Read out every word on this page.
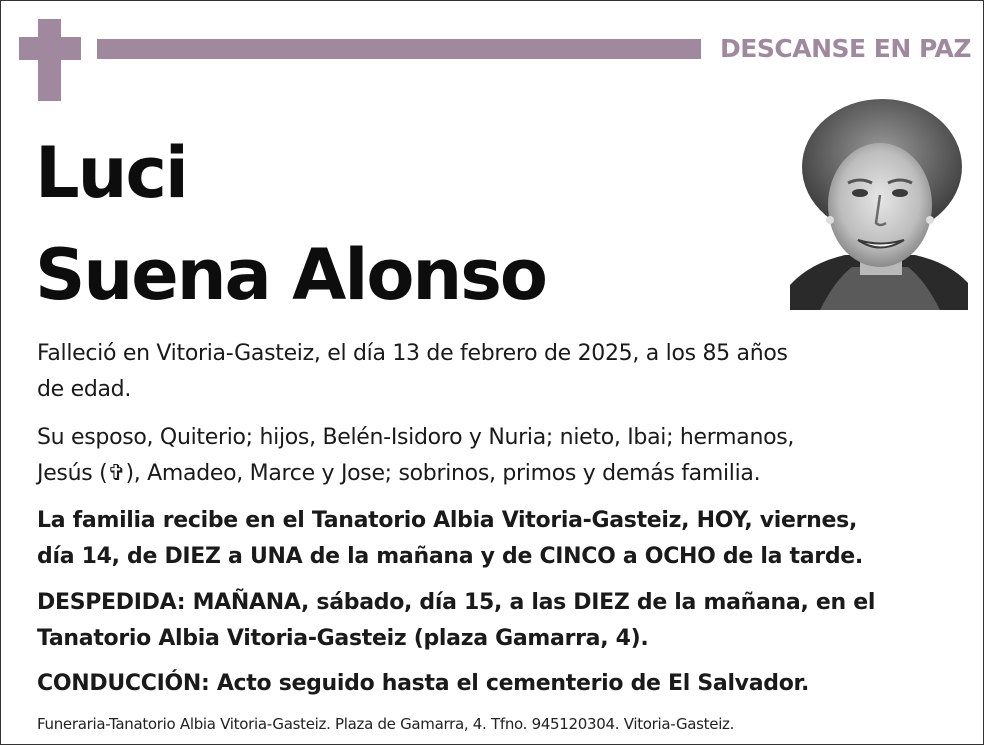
DESCANSE EN PAZ
Luci
Suena Alonso
Falleció en Vitoria-Gasteiz, el día 13 de febrero de 2025, a los 85 años
de edad.
Su esposo, Quiterio; hijos, Belén-Isidoro y Nuria; nieto, Ibai; hermanos,
Jesús (✞), Amadeo, Marce y Jose; sobrinos, primos y demás familia.
La familia recibe en el Tanatorio Albia Vitoria-Gasteiz, HOY, viernes,
día 14, de DIEZ a UNA de la mañana y de CINCO a OCHO de la tarde.
DESPEDIDA: MAÑANA, sábado, día 15, a las DIEZ de la mañana, en el
Tanatorio Albia Vitoria-Gasteiz (plaza Gamarra, 4).
CONDUCCIÓN: Acto seguido hasta el cementerio de El Salvador.
Funeraria-Tanatorio Albia Vitoria-Gasteiz. Plaza de Gamarra, 4. Tfno. 945120304. Vitoria-Gasteiz.
